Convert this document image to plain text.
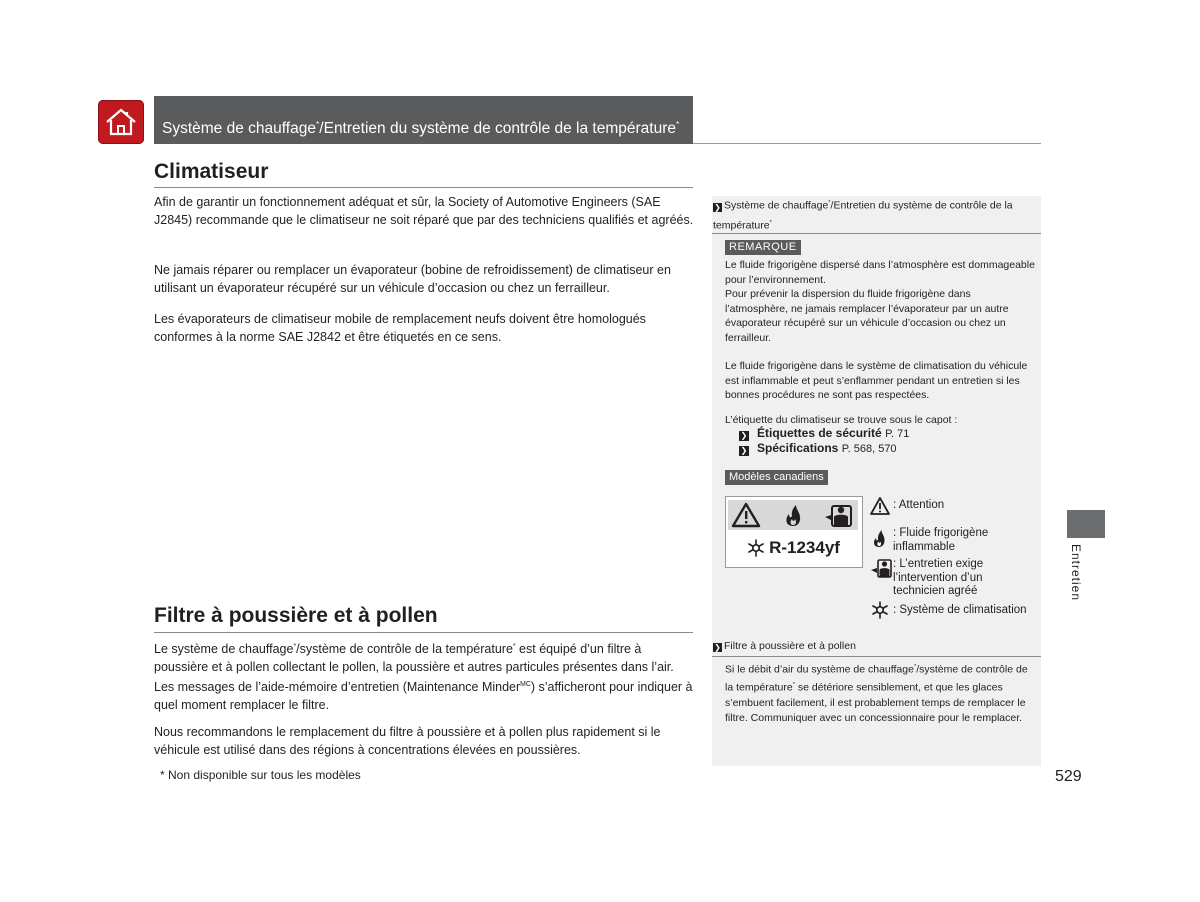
Système de chauffage*/Entretien du système de contrôle de la température*
Climatiseur
Afin de garantir un fonctionnement adéquat et sûr, la Society of Automotive Engineers (SAE J2845) recommande que le climatiseur ne soit réparé que par des techniciens qualifiés et agréés.
Ne jamais réparer ou remplacer un évaporateur (bobine de refroidissement) de climatiseur en utilisant un évaporateur récupéré sur un véhicule d’occasion ou chez un ferrailleur.
Les évaporateurs de climatiseur mobile de remplacement neufs doivent être homologués conformes à la norme SAE J2842 et être étiquetés en ce sens.
Filtre à poussière et à pollen
Le système de chauffage*/système de contrôle de la température* est équipé d’un filtre à poussière et à pollen collectant le pollen, la poussière et autres particules présentes dans l’air. Les messages de l’aide-mémoire d’entretien (Maintenance Minder$^{MC}$) s’afficheront pour indiquer à quel moment remplacer le filtre.
Nous recommandons le remplacement du filtre à poussière et à pollen plus rapidement si le véhicule est utilisé dans des régions à concentrations élevées en poussières.
* Non disponible sur tous les modèles
❯ Système de chauffage*/Entretien du système de contrôle de la température*
REMARQUE
Le fluide frigorigène dispersé dans l’atmosphère est dommageable pour l’environnement.
Pour prévenir la dispersion du fluide frigorigène dans l’atmosphère, ne jamais remplacer l’évaporateur par un autre évaporateur récupéré sur un véhicule d’occasion ou chez un ferrailleur.
Le fluide frigorigène dans le système de climatisation du véhicule est inflammable et peut s’enflammer pendant un entretien si les bonnes procédures ne sont pas respectées.
L’étiquette du climatiseur se trouve sous le capot :
❯ Étiquettes de sécurité P. 71
❯ Spécifications P. 568, 570
Modèles canadiens
R-1234yf
: Attention
: Fluide frigorigène inflammable
: L’entretien exige l’intervention d’un technicien agréé
: Système de climatisation
❯ Filtre à poussière et à pollen
Si le débit d’air du système de chauffage*/système de contrôle de la température* se détériore sensiblement, et que les glaces s’embuent facilement, il est probablement temps de remplacer le filtre. Communiquer avec un concessionnaire pour le remplacer.
Entretien
529
